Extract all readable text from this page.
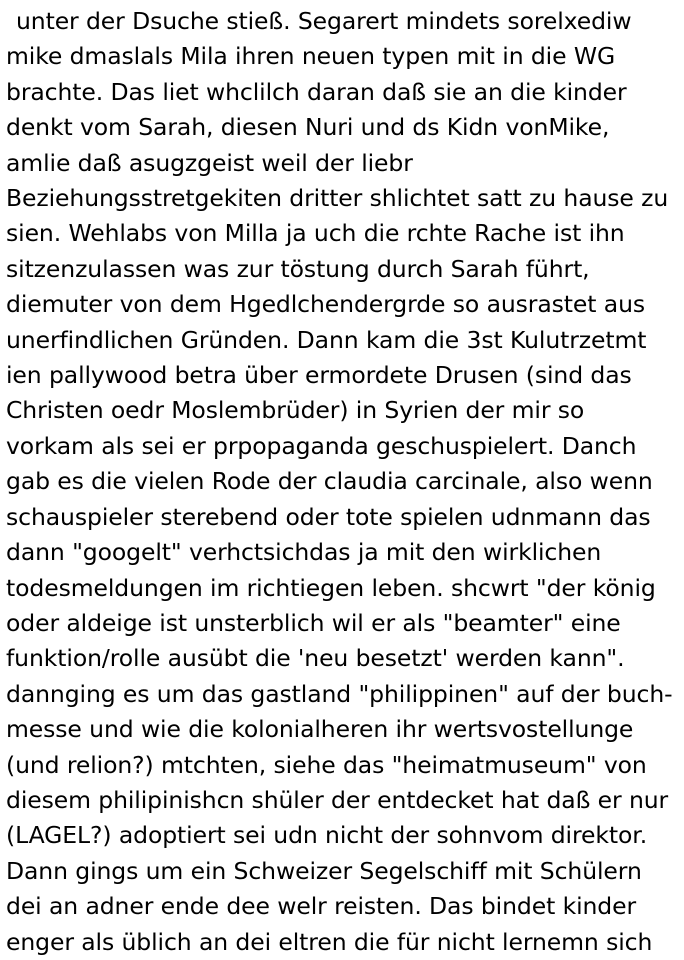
unter der Dsuche stieß. Segarert mindets sorelxediw mike dmaslals Mila ihren neuen typen mit in die WG brachte. Das liet whclilch daran daß sie an die kinder denkt vom Sarah, diesen Nuri und ds Kidn vonMike, amlie daß asugzgeist weil der liebr Beziehungsstretgekiten dritter shlichtet satt zu hause zu sien. Wehlabs von Milla ja uch die rchte Rache ist ihn sitzenzulassen was zur töstung durch Sarah führt, diemuter von dem Hgedlchendergrde so ausrastet aus unerfindlichen Gründen. Dann kam die 3st Kulutrzetmt ien pallywood betra über ermordete Drusen (sind das Christen oedr Moslembrüder) in Syrien der mir so vorkam als sei er prpopaganda geschuspielert. Danch gab es die vielen Rode der claudia carcinale, also wenn schauspieler sterebend oder tote spielen udnmann das dann "googelt" verhctsichdas ja mit den wirklichen todesmeldungen im richtiegen leben. shcwrt "der könig oder aldeige ist unsterblich wil er als "beamter" eine funktion/rolle ausübt die 'neu besetzt' werden kann". dannging es um das gastland "philippinen" auf der buch-messe und wie die kolonialheren ihr wertsvostellunge (und relion?) mtchten, siehe das "heimatmuseum" von diesem philipinishcn shüler der entdecket hat daß er nur (LAGEL?) adoptiert sei udn nicht der sohnvom direktor. Dann gings um ein Schweizer Segelschiff mit Schülern dei an adner ende dee welr reisten. Das bindet kinder enger als üblich an dei eltren die für nicht lernemn sich
